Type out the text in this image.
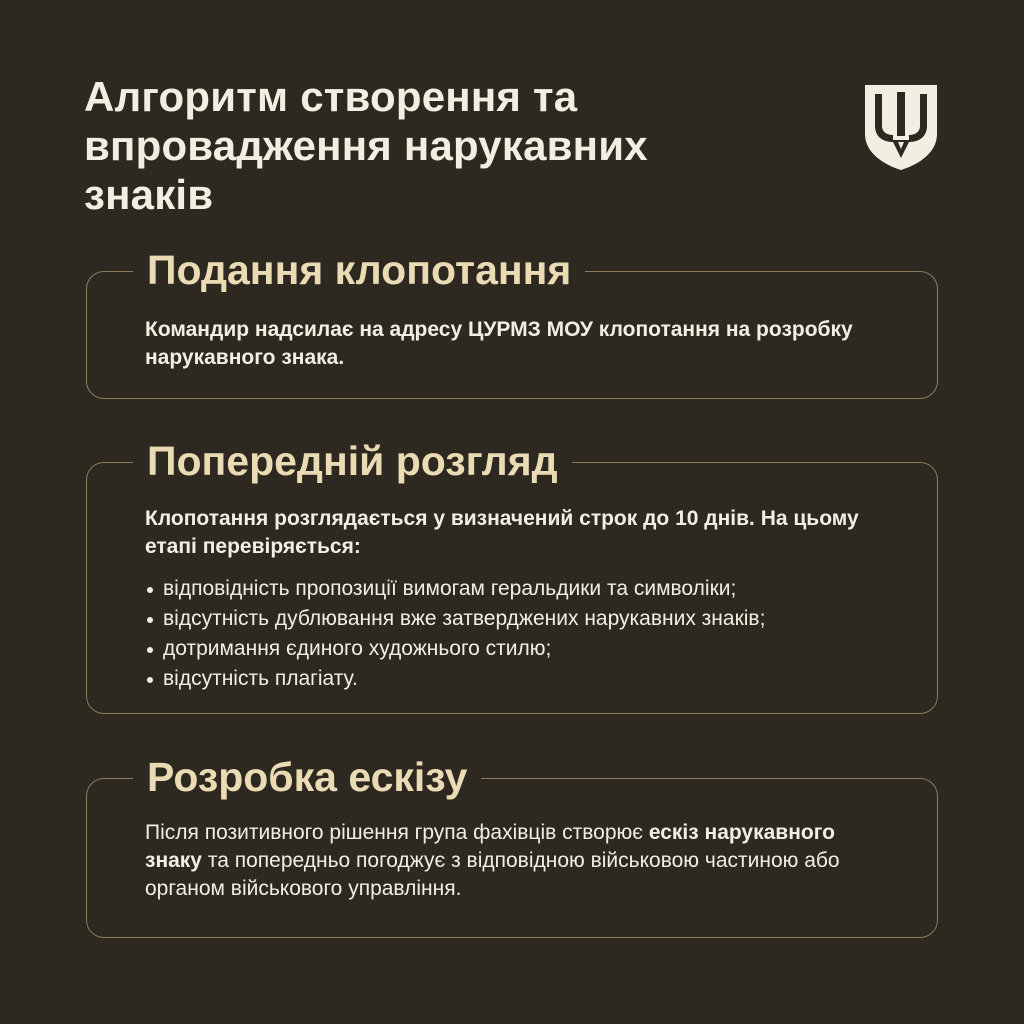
Алгоритм створення та впровадження нарукавних знаків
Подання клопотання

Командир надсилає на адресу ЦУРМЗ МОУ клопотання на розробку нарукавного знака.

Попередній розгляд

Клопотання розглядається у визначений строк до 10 днів. На цьому етапі перевіряється:

відповідність пропозиції вимогам геральдики та символіки;
відсутність дублювання вже затверджених нарукавних знаків;
дотримання єдиного художнього стилю;
відсутність плагіату.
Розробка ескізу

Після позитивного рішення група фахівців створює ескіз нарукавного знаку та попередньо погоджує з відповідною військовою частиною або органом військового управління.
